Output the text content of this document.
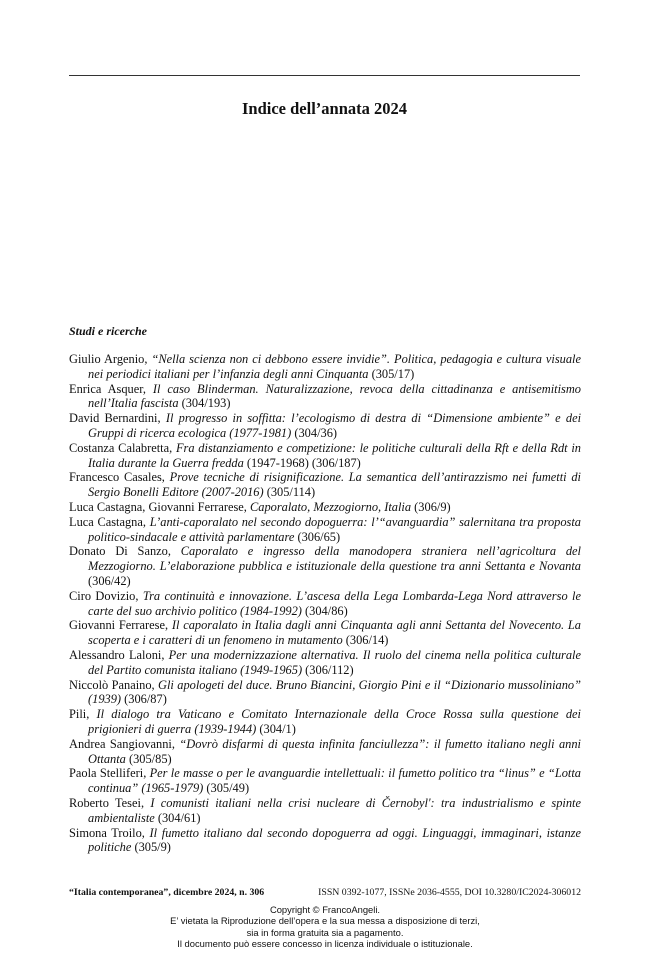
Indice dell’annata 2024
Studi e ricerche
Giulio Argenio, “Nella scienza non ci debbono essere invidie”. Politica, pedagogia e cultura visuale nei periodici italiani per l’infanzia degli anni Cinquanta (305/17)
Enrica Asquer, Il caso Blinderman. Naturalizzazione, revoca della cittadinanza e antisemitismo nell’Italia fascista (304/193)
David Bernardini, Il progresso in soffitta: l’ecologismo di destra di “Dimensione ambiente” e dei Gruppi di ricerca ecologica (1977-1981) (304/36)
Costanza Calabretta, Fra distanziamento e competizione: le politiche culturali della Rft e della Rdt in Italia durante la Guerra fredda (1947-1968) (306/187)
Francesco Casales, Prove tecniche di risignificazione. La semantica dell’antirazzismo nei fumetti di Sergio Bonelli Editore (2007-2016) (305/114)
Luca Castagna, Giovanni Ferrarese, Caporalato, Mezzogiorno, Italia (306/9)
Luca Castagna, L’anti-caporalato nel secondo dopoguerra: l’“avanguardia” salernitana tra proposta politico-sindacale e attività parlamentare (306/65)
Donato Di Sanzo, Caporalato e ingresso della manodopera straniera nell’agricoltura del Mezzogiorno. L’elaborazione pubblica e istituzionale della questione tra anni Settanta e Novanta (306/42)
Ciro Dovizio, Tra continuità e innovazione. L’ascesa della Lega Lombarda-Lega Nord attraverso le carte del suo archivio politico (1984-1992) (304/86)
Giovanni Ferrarese, Il caporalato in Italia dagli anni Cinquanta agli anni Settanta del Novecento. La scoperta e i caratteri di un fenomeno in mutamento (306/14)
Alessandro Laloni, Per una modernizzazione alternativa. Il ruolo del cinema nella politica culturale del Partito comunista italiano (1949-1965) (306/112)
Niccolò Panaino, Gli apologeti del duce. Bruno Biancini, Giorgio Pini e il “Dizionario mussoliniano” (1939) (306/87)
Pili, Il dialogo tra Vaticano e Comitato Internazionale della Croce Rossa sulla questione dei prigionieri di guerra (1939-1944) (304/1)
Andrea Sangiovanni, “Dovrò disfarmi di questa infinita fanciullezza”: il fumetto italiano negli anni Ottanta (305/85)
Paola Stelliferi, Per le masse o per le avanguardie intellettuali: il fumetto politico tra “linus” e “Lotta continua” (1965-1979) (305/49)
Roberto Tesei, I comunisti italiani nella crisi nucleare di Černobyl': tra industrialismo e spinte ambientaliste (304/61)
Simona Troilo, Il fumetto italiano dal secondo dopoguerra ad oggi. Linguaggi, immaginari, istanze politiche (305/9)
“Italia contemporanea”, dicembre 2024, n. 306	ISSN 0392-1077, ISSNe 2036-4555, DOI 10.3280/IC2024-306012
Copyright © FrancoAngeli.
E’ vietata la Riproduzione dell’opera e la sua messa a disposizione di terzi,
sia in forma gratuita sia a pagamento.
Il documento può essere concesso in licenza individuale o istituzionale.
